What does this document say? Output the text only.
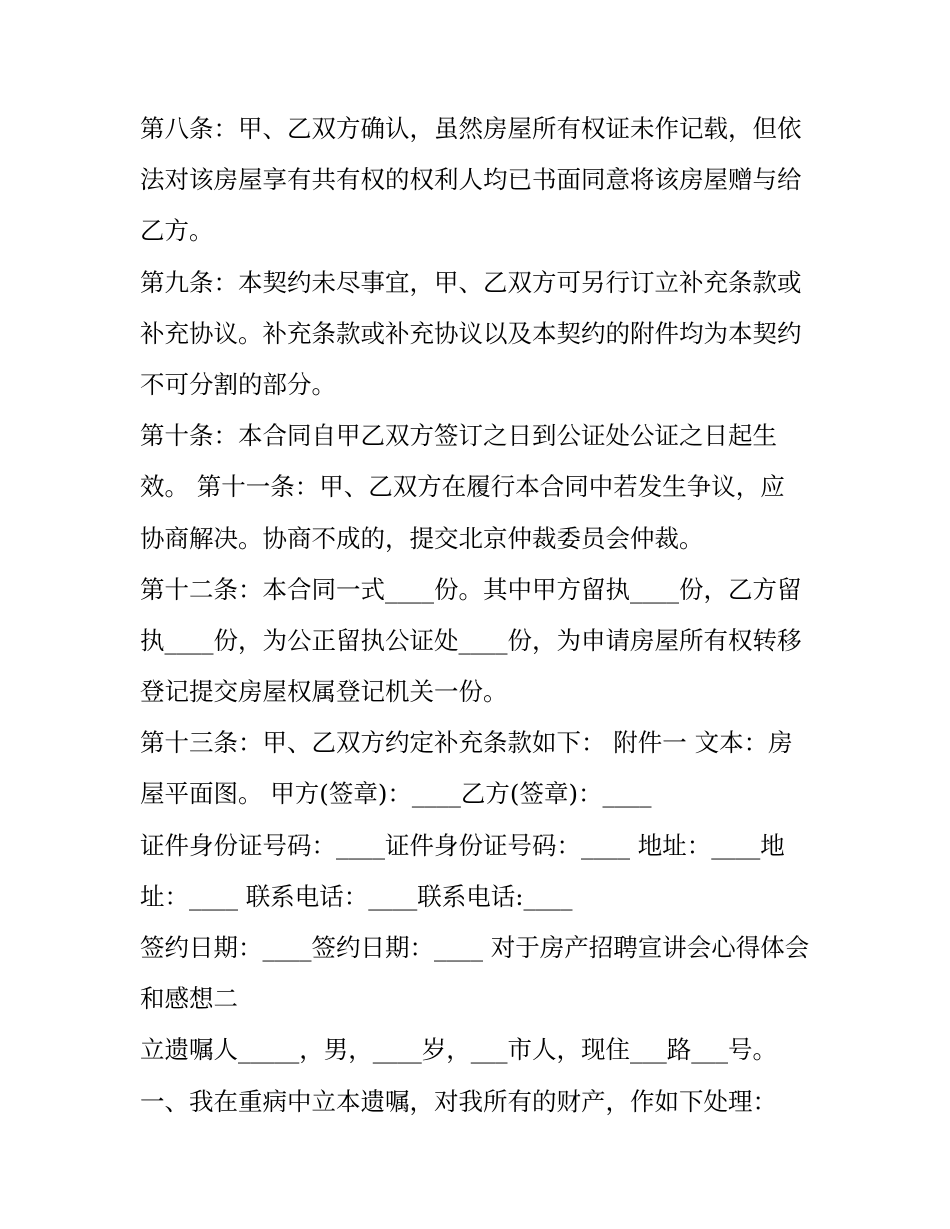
第八条：甲、乙双方确认，虽然房屋所有权证未作记载，但依
法对该房屋享有共有权的权利人均已书面同意将该房屋赠与给
乙方。
第九条：本契约未尽事宜，甲、乙双方可另行订立补充条款或
补充协议。补充条款或补充协议以及本契约的附件均为本契约
不可分割的部分。
第十条：本合同自甲乙双方签订之日到公证处公证之日起生
效。 第十一条：甲、乙双方在履行本合同中若发生争议，应
协商解决。协商不成的，提交北京仲裁委员会仲裁。
第十二条：本合同一式____份。其中甲方留执____份，乙方留
执____份，为公正留执公证处____份，为申请房屋所有权转移
登记提交房屋权属登记机关一份。
第十三条：甲、乙双方约定补充条款如下： 附件一 文本：房
屋平面图。 甲方(签章)：____乙方(签章)：____
证件身份证号码：____证件身份证号码：____ 地址：____地
址：____ 联系电话：____联系电话:____
签约日期：____签约日期：____ 对于房产招聘宣讲会心得体会
和感想二
立遗嘱人_____，男，____岁，___市人，现住___路___号。
一、我在重病中立本遗嘱，对我所有的财产，作如下处理：
